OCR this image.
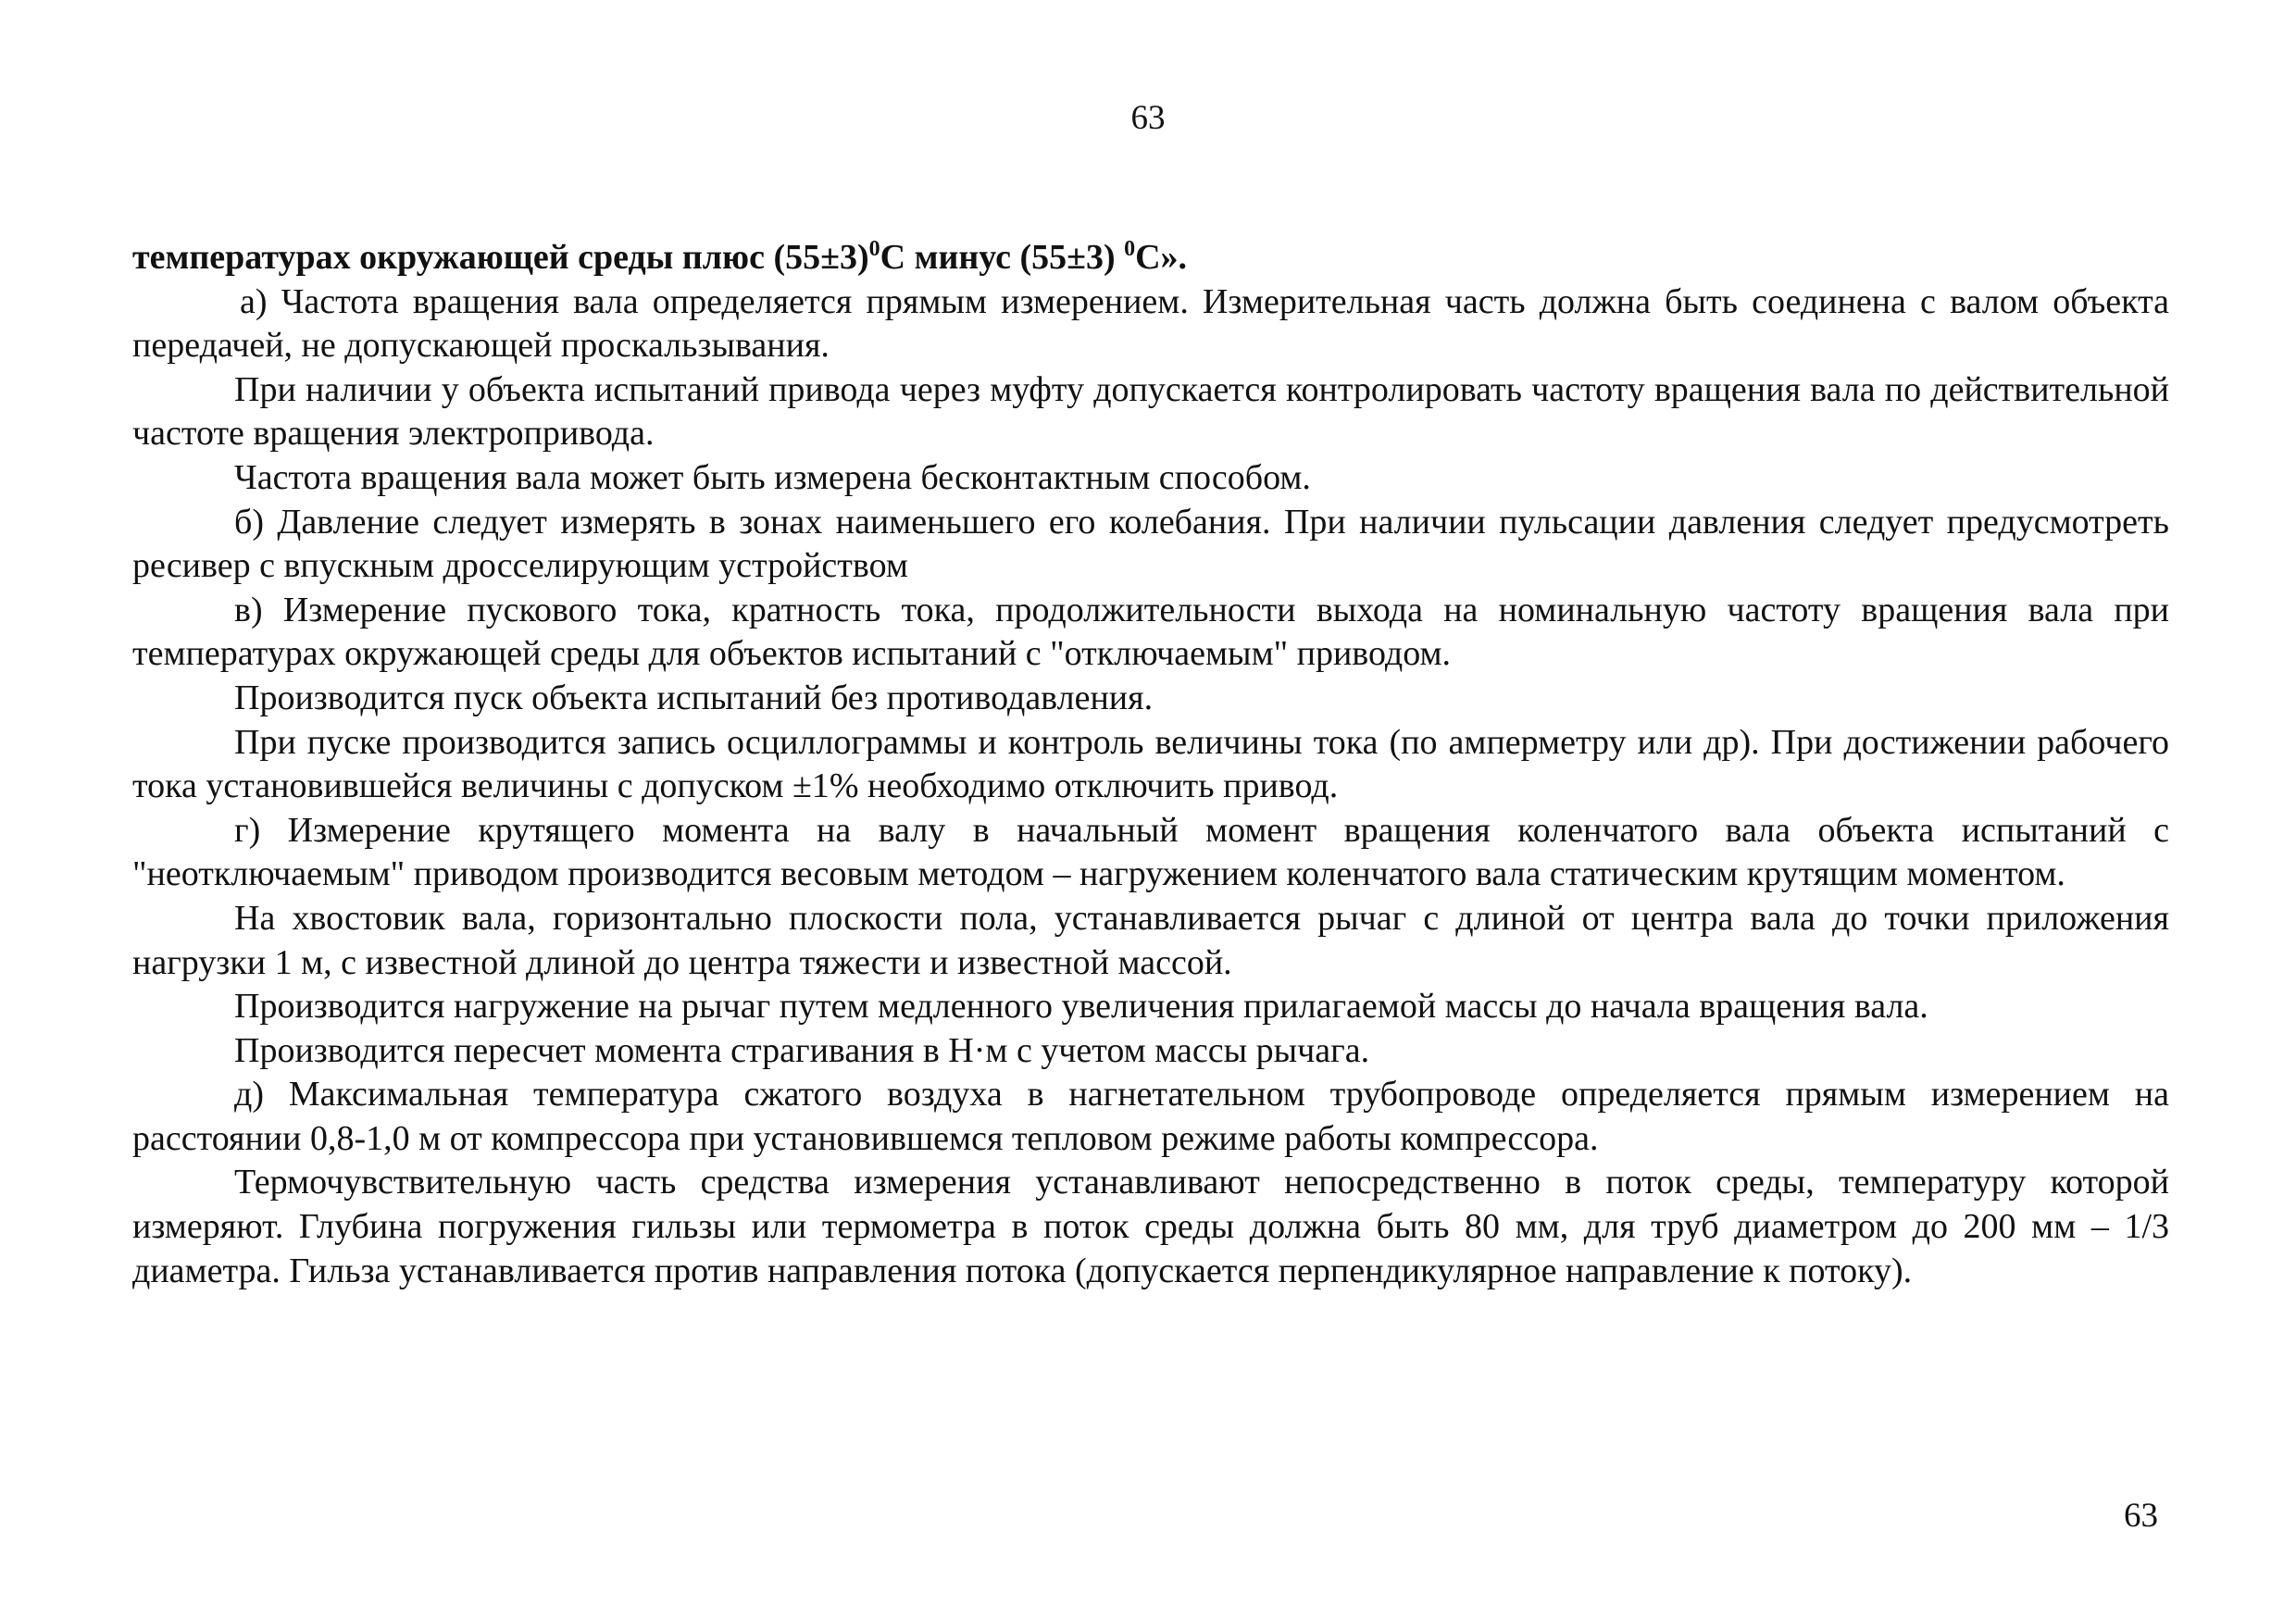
63

температурах окружающей среды плюс $(55\pm 3)^0С$ минус (55±3) $^0$С».

а) Частота вращения вала определяется прямым измерением. Измерительная часть должна быть соединена с валом объекта передачей, не допускающей проскальзывания.

При наличии у объекта испытаний привода через муфту допускается контролировать частоту вращения вала по действительной частоте вращения электропривода.

Частота вращения вала может быть измерена бесконтактным способом.

б) Давление следует измерять в зонах наименьшего его колебания. При наличии пульсации давления следует предусмотреть ресивер с впускным дросселирующим устройством

в) Измерение пускового тока, кратность тока, продолжительности выхода на номинальную частоту вращения вала при температурах окружающей среды для объектов испытаний с "отключаемым" приводом.

Производится пуск объекта испытаний без противодавления.

При пуске производится запись осциллограммы и контроль величины тока (по амперметру или др). При достижении рабочего тока установившейся величины с допуском ±1% необходимо отключить привод.

г) Измерение крутящего момента на валу в начальный момент вращения коленчатого вала объекта испытаний с "неотключаемым" приводом производится весовым методом – нагружением коленчатого вала статическим крутящим моментом.

На хвостовик вала, горизонтально плоскости пола, устанавливается рычаг с длиной от центра вала до точки приложения нагрузки 1 м, с известной длиной до центра тяжести и известной массой.

Производится нагружение на рычаг путем медленного увеличения прилагаемой массы до начала вращения вала.

Производится пересчет момента страгивания в Н·м с учетом массы рычага.

д) Максимальная температура сжатого воздуха в нагнетательном трубопроводе определяется прямым измерением на расстоянии 0,8-1,0 м от компрессора при установившемся тепловом режиме работы компрессора.

Термочувствительную часть средства измерения устанавливают непосредственно в поток среды, температуру которой измеряют. Глубина погружения гильзы или термометра в поток среды должна быть 80 мм, для труб диаметром до 200 мм – 1/3 диаметра. Гильза устанавливается против направления потока (допускается перпендикулярное направление к потоку).

63
